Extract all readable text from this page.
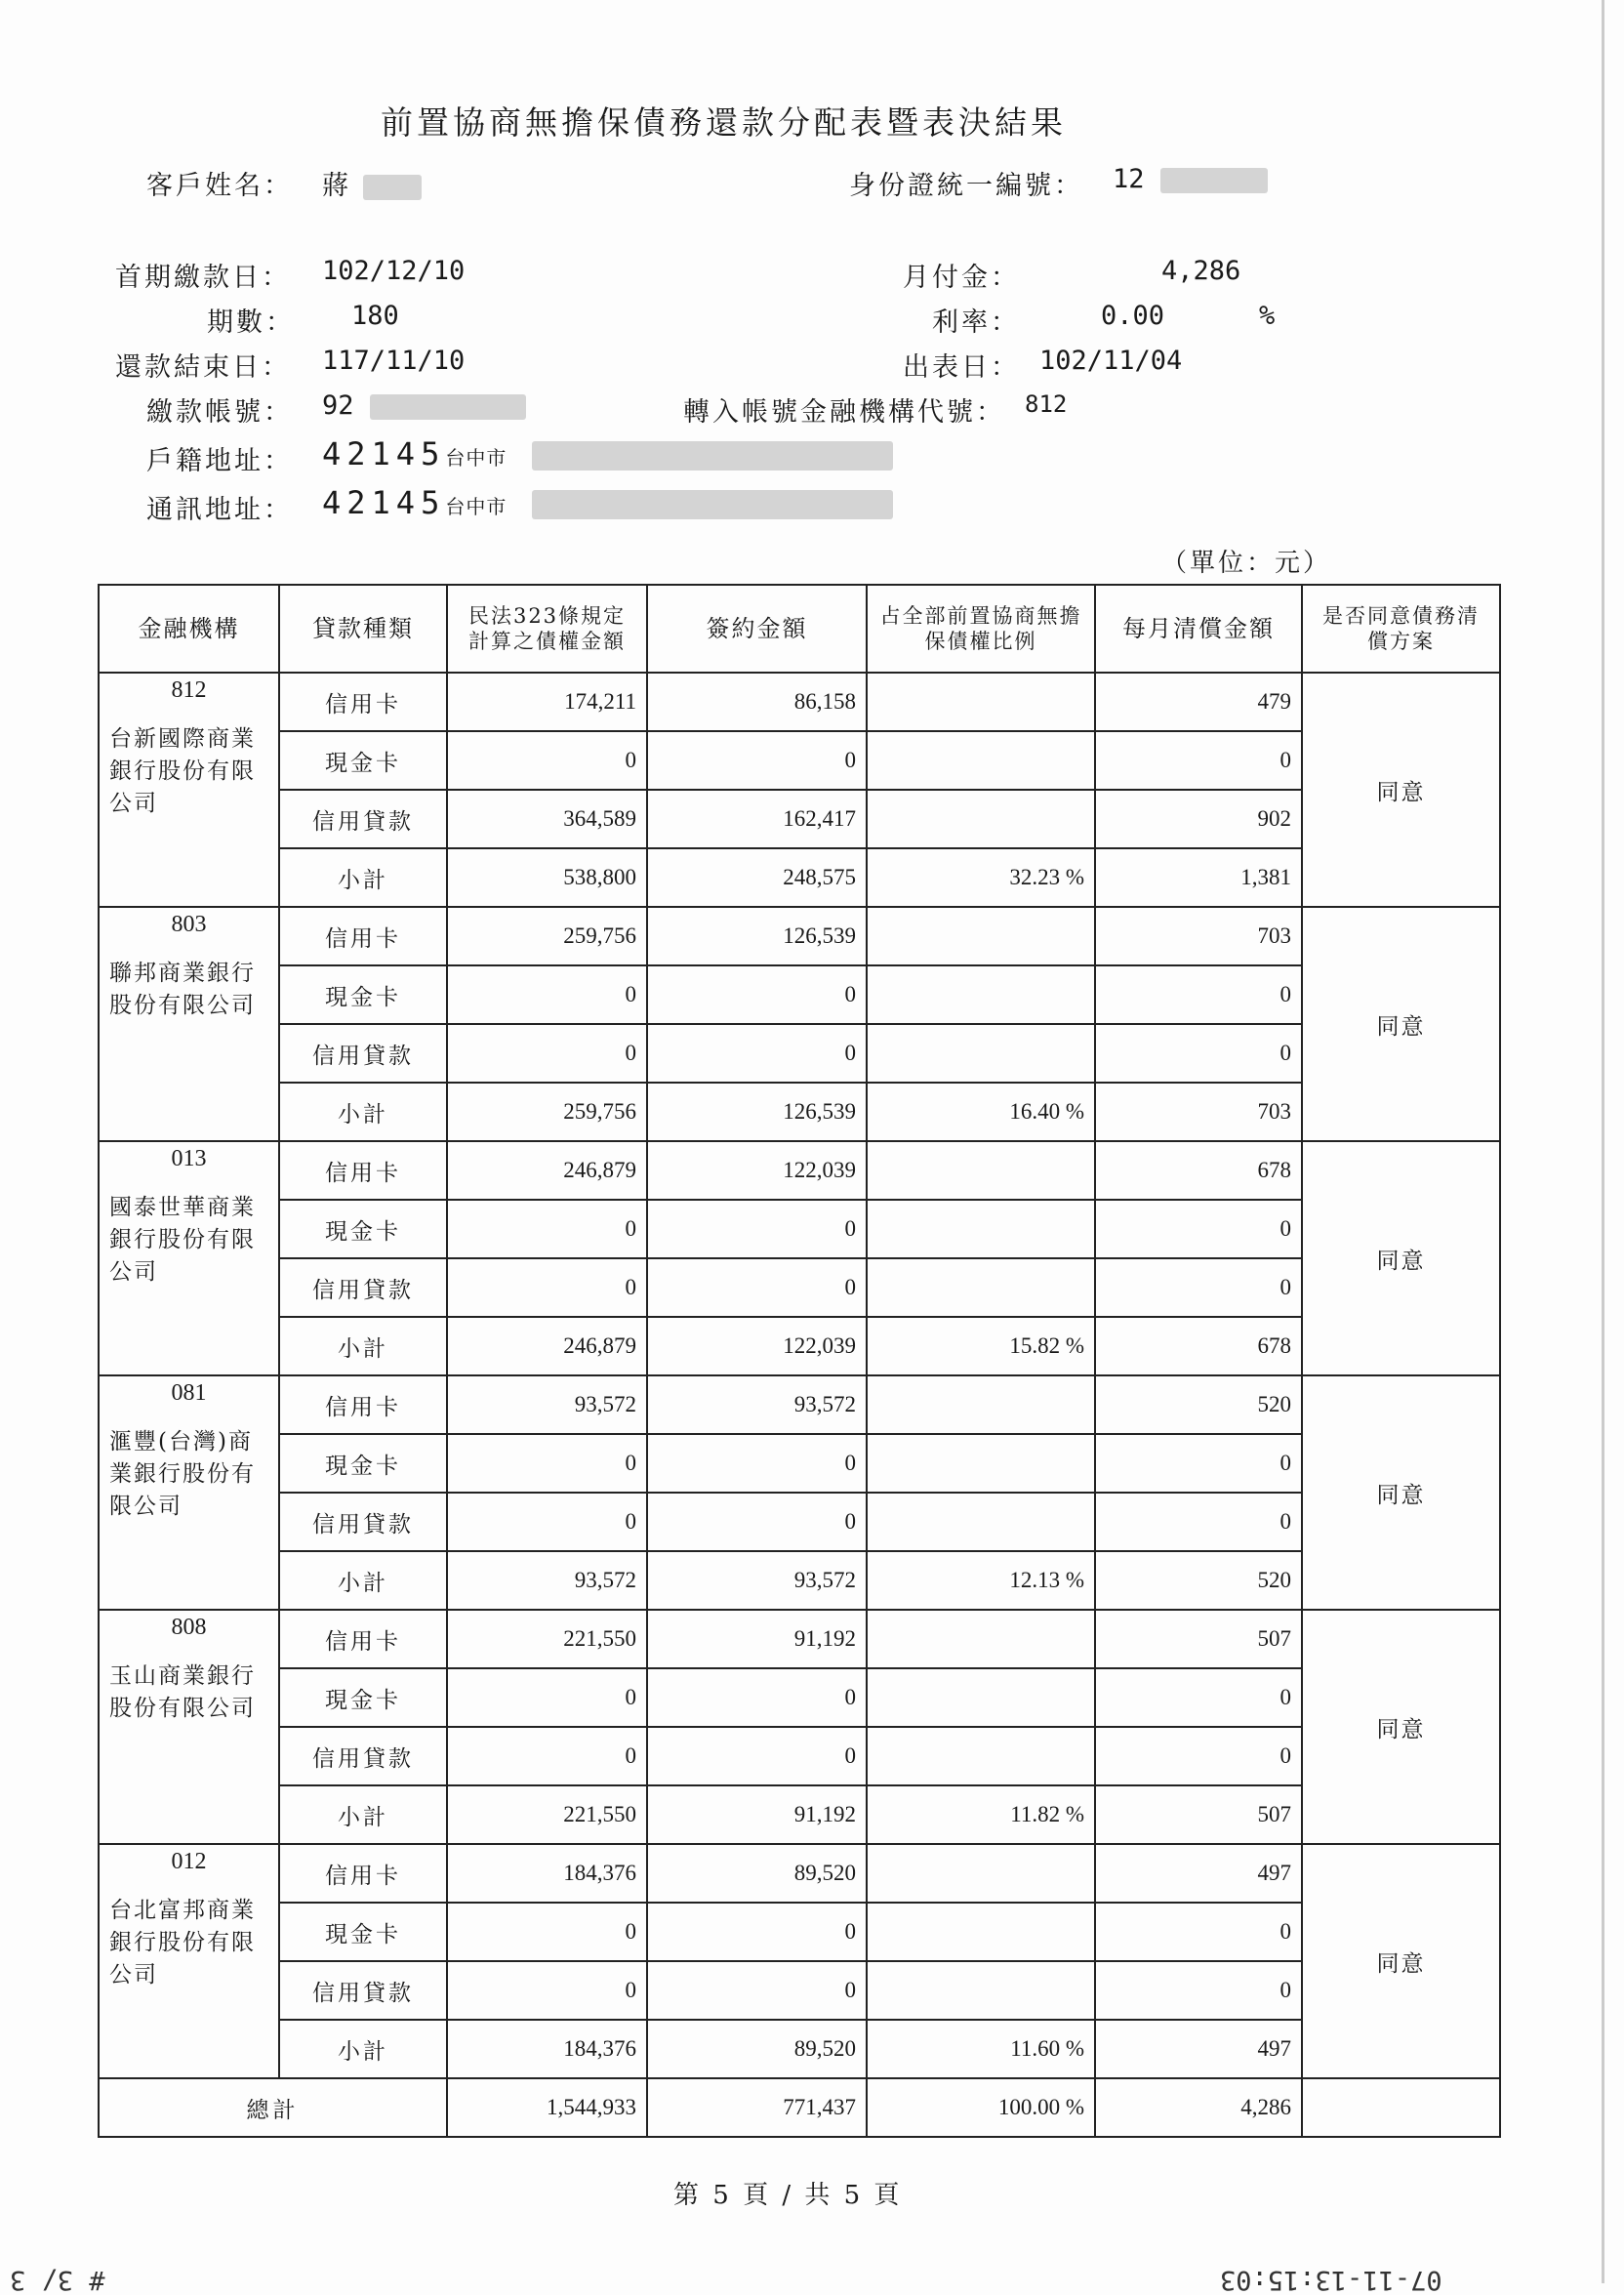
前置協商無擔保債務還款分配表暨表決結果
客戶姓名： 蔣	身份證統一編號： 12
首期繳款日： 102/12/10
期數： 180
還款結束日： 117/11/10
繳款帳號： 92
月付金：	4,286
利率：	0.00	%
出表日： 102/11/04
轉入帳號金融機構代號： 812
戶籍地址： 42145台中市
通訊地址： 42145台中市
（單位：元）
金融機構	貸款種類	民法323條規定計算之債權金額	簽約金額	占全部前置協商無擔保債權比例	每月清償金額	是否同意債務清償方案

812
台新國際商業銀行股份有限公司	信用卡	174,211	86,158		479	同意
	現金卡	0	0		0	
	信用貸款	364,589	162,417		902	
	小計	538,800	248,575	32.23 %	1,381	

803
聯邦商業銀行股份有限公司	信用卡	259,756	126,539		703	同意
	現金卡	0	0		0	
	信用貸款	0	0		0	
	小計	259,756	126,539	16.40 %	703	

013
國泰世華商業銀行股份有限公司	信用卡	246,879	122,039		678	同意
	現金卡	0	0		0	
	信用貸款	0	0		0	
	小計	246,879	122,039	15.82 %	678	

081
滙豐(台灣)商業銀行股份有限公司	信用卡	93,572	93,572		520	同意
	現金卡	0	0		0	
	信用貸款	0	0		0	
	小計	93,572	93,572	12.13 %	520	

808
玉山商業銀行股份有限公司	信用卡	221,550	91,192		507	同意
	現金卡	0	0		0	
	信用貸款	0	0		0	
	小計	221,550	91,192	11.82 %	507	

012
台北富邦商業銀行股份有限公司	信用卡	184,376	89,520		497	同意
	現金卡	0	0		0	
	信用貸款	0	0		0	
	小計	184,376	89,520	11.60 %	497	
總計		1,544,933	771,437	100.00 %	4,286	
第 5 頁 / 共 5 頁
# 3/ 3	07-11-13:15:03
